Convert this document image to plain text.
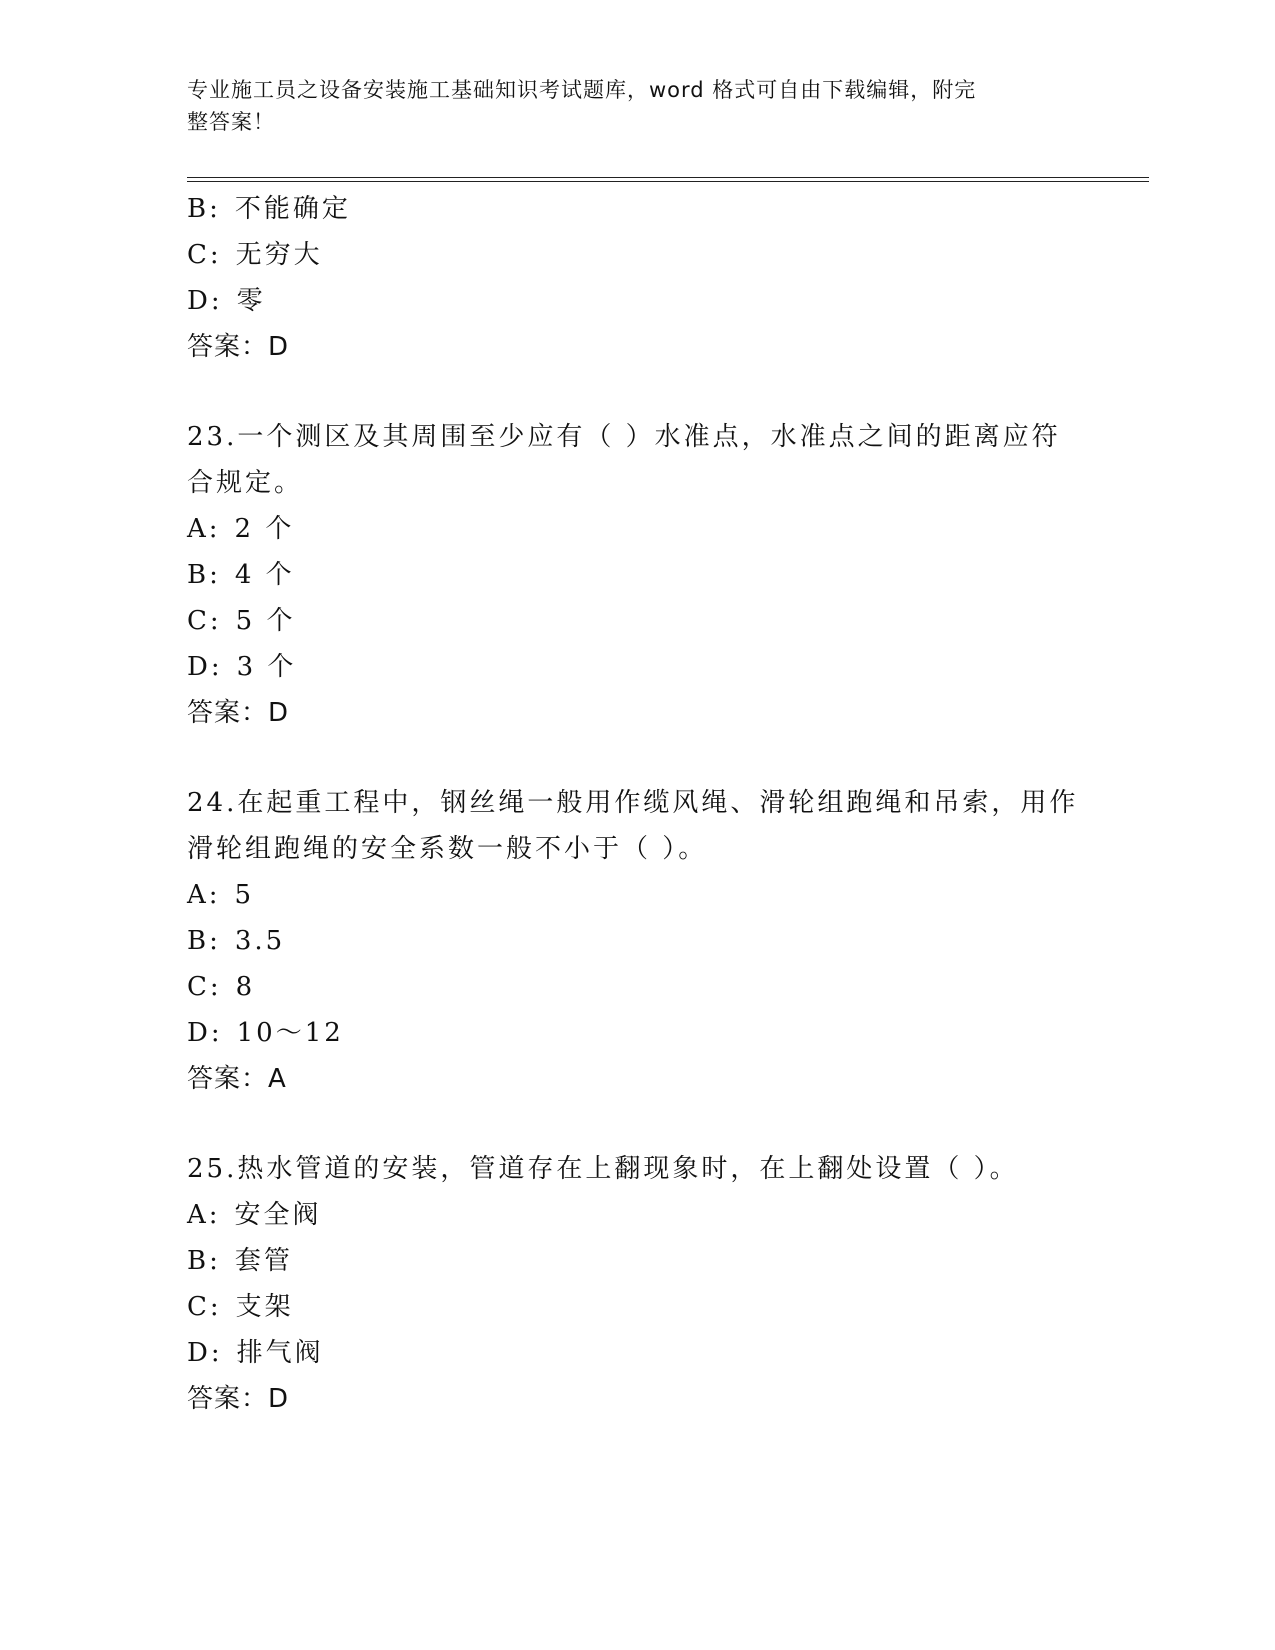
专业施工员之设备安装施工基础知识考试题库，word 格式可自由下载编辑，附完
整答案！
B: 不能确定
C: 无穷大
D: 零
答案：D
23.一个测区及其周围至少应有（ ）水准点，水准点之间的距离应符
合规定。
A: 2 个
B: 4 个
C: 5 个
D: 3 个
答案：D
24.在起重工程中，钢丝绳一般用作缆风绳、滑轮组跑绳和吊索，用作
滑轮组跑绳的安全系数一般不小于（ ）。
A: 5
B: 3.5
C: 8
D: 10～12
答案：A
25.热水管道的安装，管道存在上翻现象时，在上翻处设置（ ）。
A: 安全阀
B: 套管
C: 支架
D: 排气阀
答案：D
